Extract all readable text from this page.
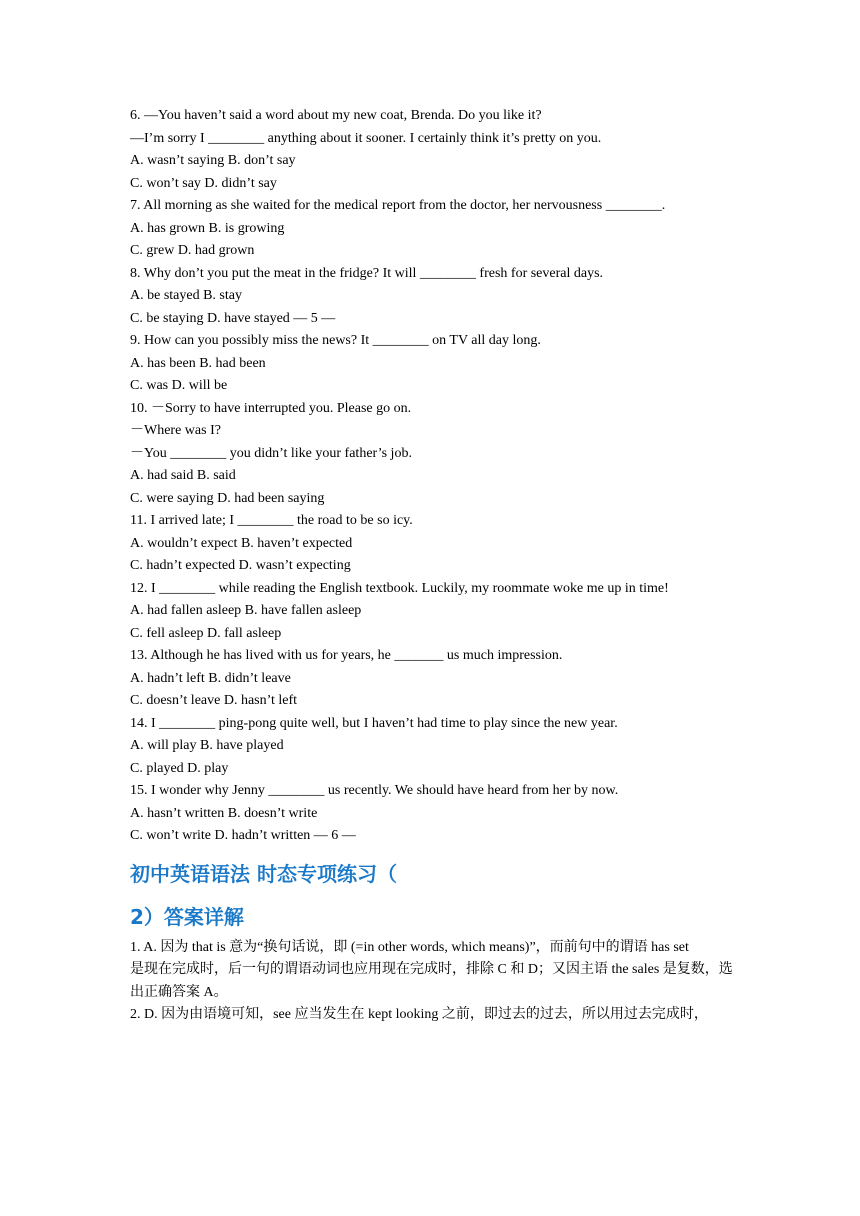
6. —You haven’t said a word about my new coat, Brenda. Do you like it?
—I’m sorry I ________ anything about it sooner. I certainly think it’s pretty on you.
A. wasn’t saying B. don’t say
C. won’t say D. didn’t say
7. All morning as she waited for the medical report from the doctor, her nervousness ________.
A. has grown B. is growing
C. grew D. had grown
8. Why don’t you put the meat in the fridge? It will ________ fresh for several days.
A. be stayed B. stay
C. be staying D. have stayed — 5 —
9. How can you possibly miss the news? It ________ on TV all day long.
A. has been B. had been
C. was D. will be
10. －Sorry to have interrupted you. Please go on.
－Where was I?
－You ________ you didn’t like your father’s job.
A. had said B. said
C. were saying D. had been saying
11. I arrived late; I ________ the road to be so icy.
A. wouldn’t expect B. haven’t expected
C. hadn’t expected D. wasn’t expecting
12. I ________ while reading the English textbook. Luckily, my roommate woke me up in time!
A. had fallen asleep B. have fallen asleep
C. fell asleep D. fall asleep
13. Although he has lived with us for years, he _______ us much impression.
A. hadn’t left B. didn’t leave
C. doesn’t leave D. hasn’t left
14. I ________ ping-pong quite well, but I haven’t had time to play since the new year.
A. will play B. have played
C. played D. play
15. I wonder why Jenny ________ us recently. We should have heard from her by now.
A. hasn’t written B. doesn’t write
C. won’t write D. hadn’t written — 6 —
初中英语语法 时态专项练习（
2）答案详解
1. A. 因为 that is 意为“换句话说，即 (=in other words, which means)”，而前句中的谓语 has set
是现在完成时，后一句的谓语动词也应用现在完成时，排除 C 和 D；又因主语 the sales 是复数，选
出正确答案 A。
2. D. 因为由语境可知，see 应当发生在 kept looking 之前，即过去的过去，所以用过去完成时，
